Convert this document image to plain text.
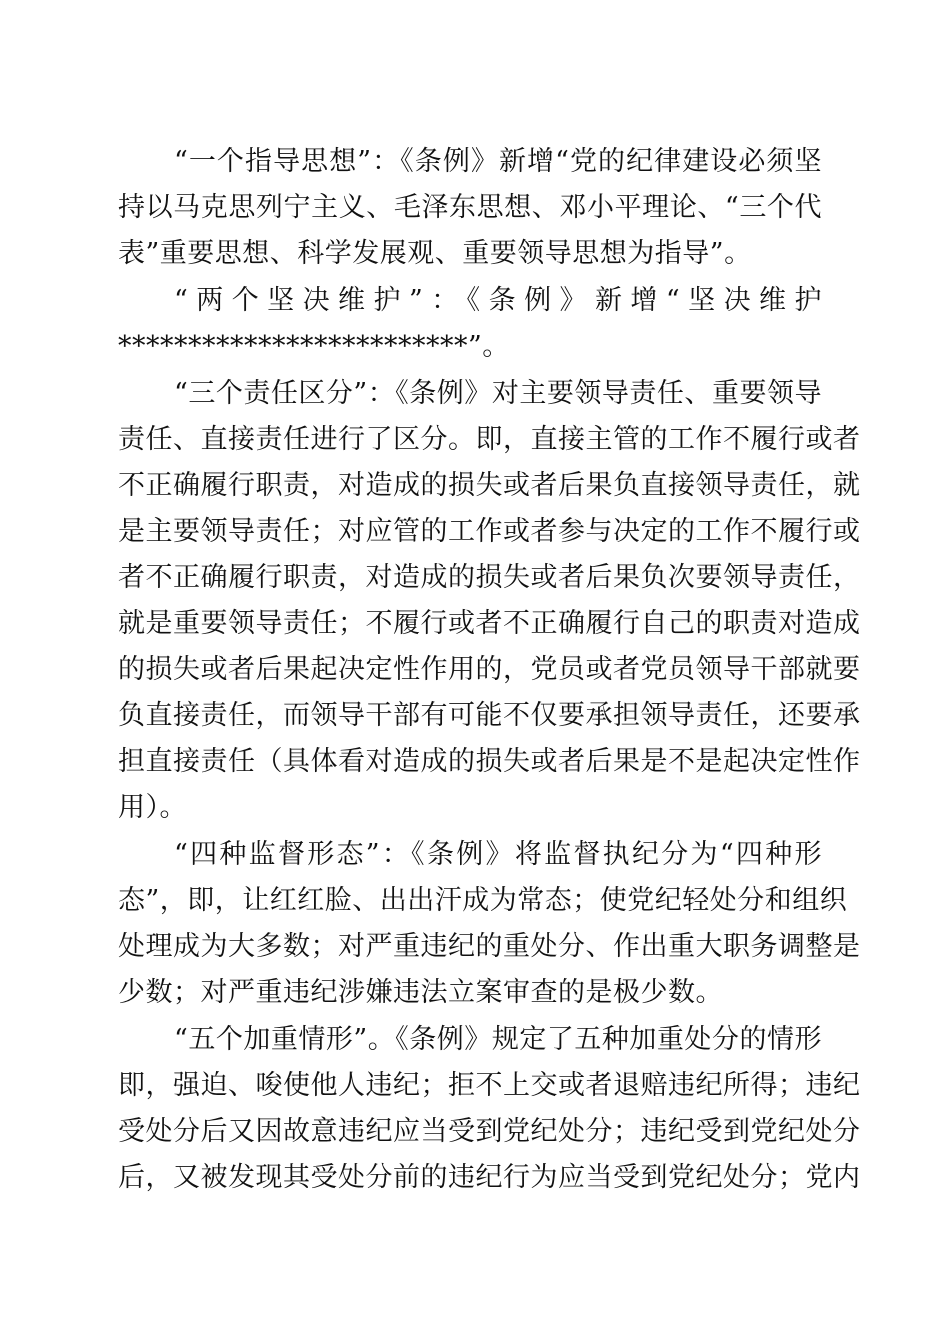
“一个指导思想”：《条例》新增“党的纪律建设必须坚
持以马克思列宁主义、毛泽东思想、邓小平理论、“三个代
表”重要思想、科学发展观、重要领导思想为指导”。
“两个坚决维护”：《条例》新增“坚决维护
*************************”。
“三个责任区分”：《条例》对主要领导责任、重要领导
责任、直接责任进行了区分。即，直接主管的工作不履行或者
不正确履行职责，对造成的损失或者后果负直接领导责任，就
是主要领导责任；对应管的工作或者参与决定的工作不履行或
者不正确履行职责，对造成的损失或者后果负次要领导责任，
就是重要领导责任；不履行或者不正确履行自己的职责对造成
的损失或者后果起决定性作用的，党员或者党员领导干部就要
负直接责任，而领导干部有可能不仅要承担领导责任，还要承
担直接责任（具体看对造成的损失或者后果是不是起决定性作
用）。
“四种监督形态”：《条例》将监督执纪分为“四种形
态”，即，让红红脸、出出汗成为常态；使党纪轻处分和组织
处理成为大多数；对严重违纪的重处分、作出重大职务调整是
少数；对严重违纪涉嫌违法立案审查的是极少数。
“五个加重情形”。《条例》规定了五种加重处分的情形
即，强迫、唆使他人违纪；拒不上交或者退赔违纪所得；违纪
受处分后又因故意违纪应当受到党纪处分；违纪受到党纪处分
后，又被发现其受处分前的违纪行为应当受到党纪处分；党内
